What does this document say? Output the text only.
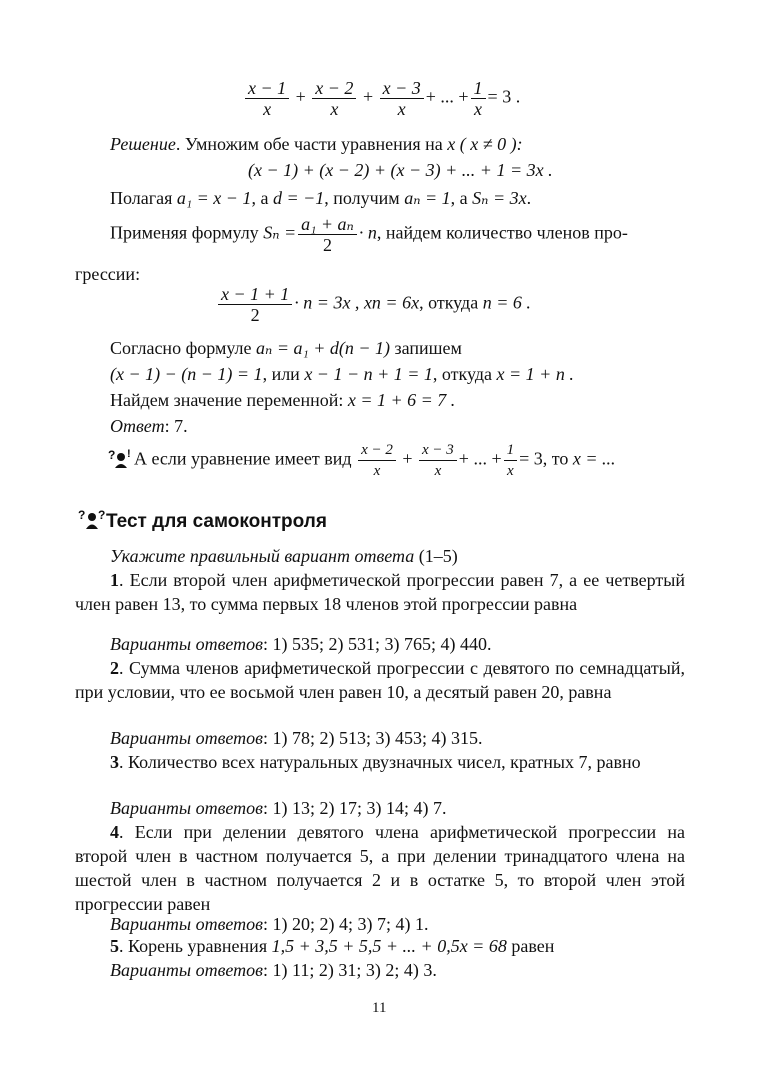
$\frac{x - 1}{x} + \frac{x - 2}{x} + \frac{x - 3}{x}$ + ... + $\frac{1}{x} = 3$ .
Решение. Умножим обе части уравнения на x ( x ≠ 0 ):
(x − 1) + (x − 2) + (x − 3) + ... + 1 = 3x .
Полагая a₁ = x − 1, а d = −1, получим aₙ = 1, а Sₙ = 3x.
Применяя формулу $S_n = \frac{\text{a₁ + aₙ}}{2} \cdot n$, найдем количество членов про-
грессии:
$\frac{x - 1 + 1}{2} \cdot n = 3x$ , xn = 6x, откуда n = 6 .
Согласно формуле aₙ = a₁ + d(n − 1) запишем
(x − 1) − (n − 1) = 1, или x − 1 − n + 1 = 1, откуда x = 1 + n .
Найдем значение переменной: x = 1 + 6 = 7 .
Ответ: 7.
? ! А если уравнение имеет вид $\frac{x - 2}{x} + \frac{x - 3}{x}$ + ... + $\frac{1}{x} = 3$, то x = ...
? ? Тест для самоконтроля
Укажите правильный вариант ответа (1–5)
1. Если второй член арифметической прогрессии равен 7, а ее четвертый член равен 13, то сумма первых 18 членов этой прогрессии равна
Варианты ответов: 1) 535; 2) 531; 3) 765; 4) 440.
2. Сумма членов арифметической прогрессии с девятого по семнадцатый, при условии, что ее восьмой член равен 10, а десятый равен 20, равна
Варианты ответов: 1) 78; 2) 513; 3) 453; 4) 315.
3. Количество всех натуральных двузначных чисел, кратных 7, равно
Варианты ответов: 1) 13; 2) 17; 3) 14; 4) 7.
4. Если при делении девятого члена арифметической прогрессии на второй член в частном получается 5, а при делении тринадцатого члена на шестой член в частном получается 2 и в остатке 5, то второй член этой прогрессии равен
Варианты ответов: 1) 20; 2) 4; 3) 7; 4) 1.
5. Корень уравнения 1,5 + 3,5 + 5,5 + ... + 0,5x = 68 равен
Варианты ответов: 1) 11; 2) 31; 3) 2; 4) 3.
11
